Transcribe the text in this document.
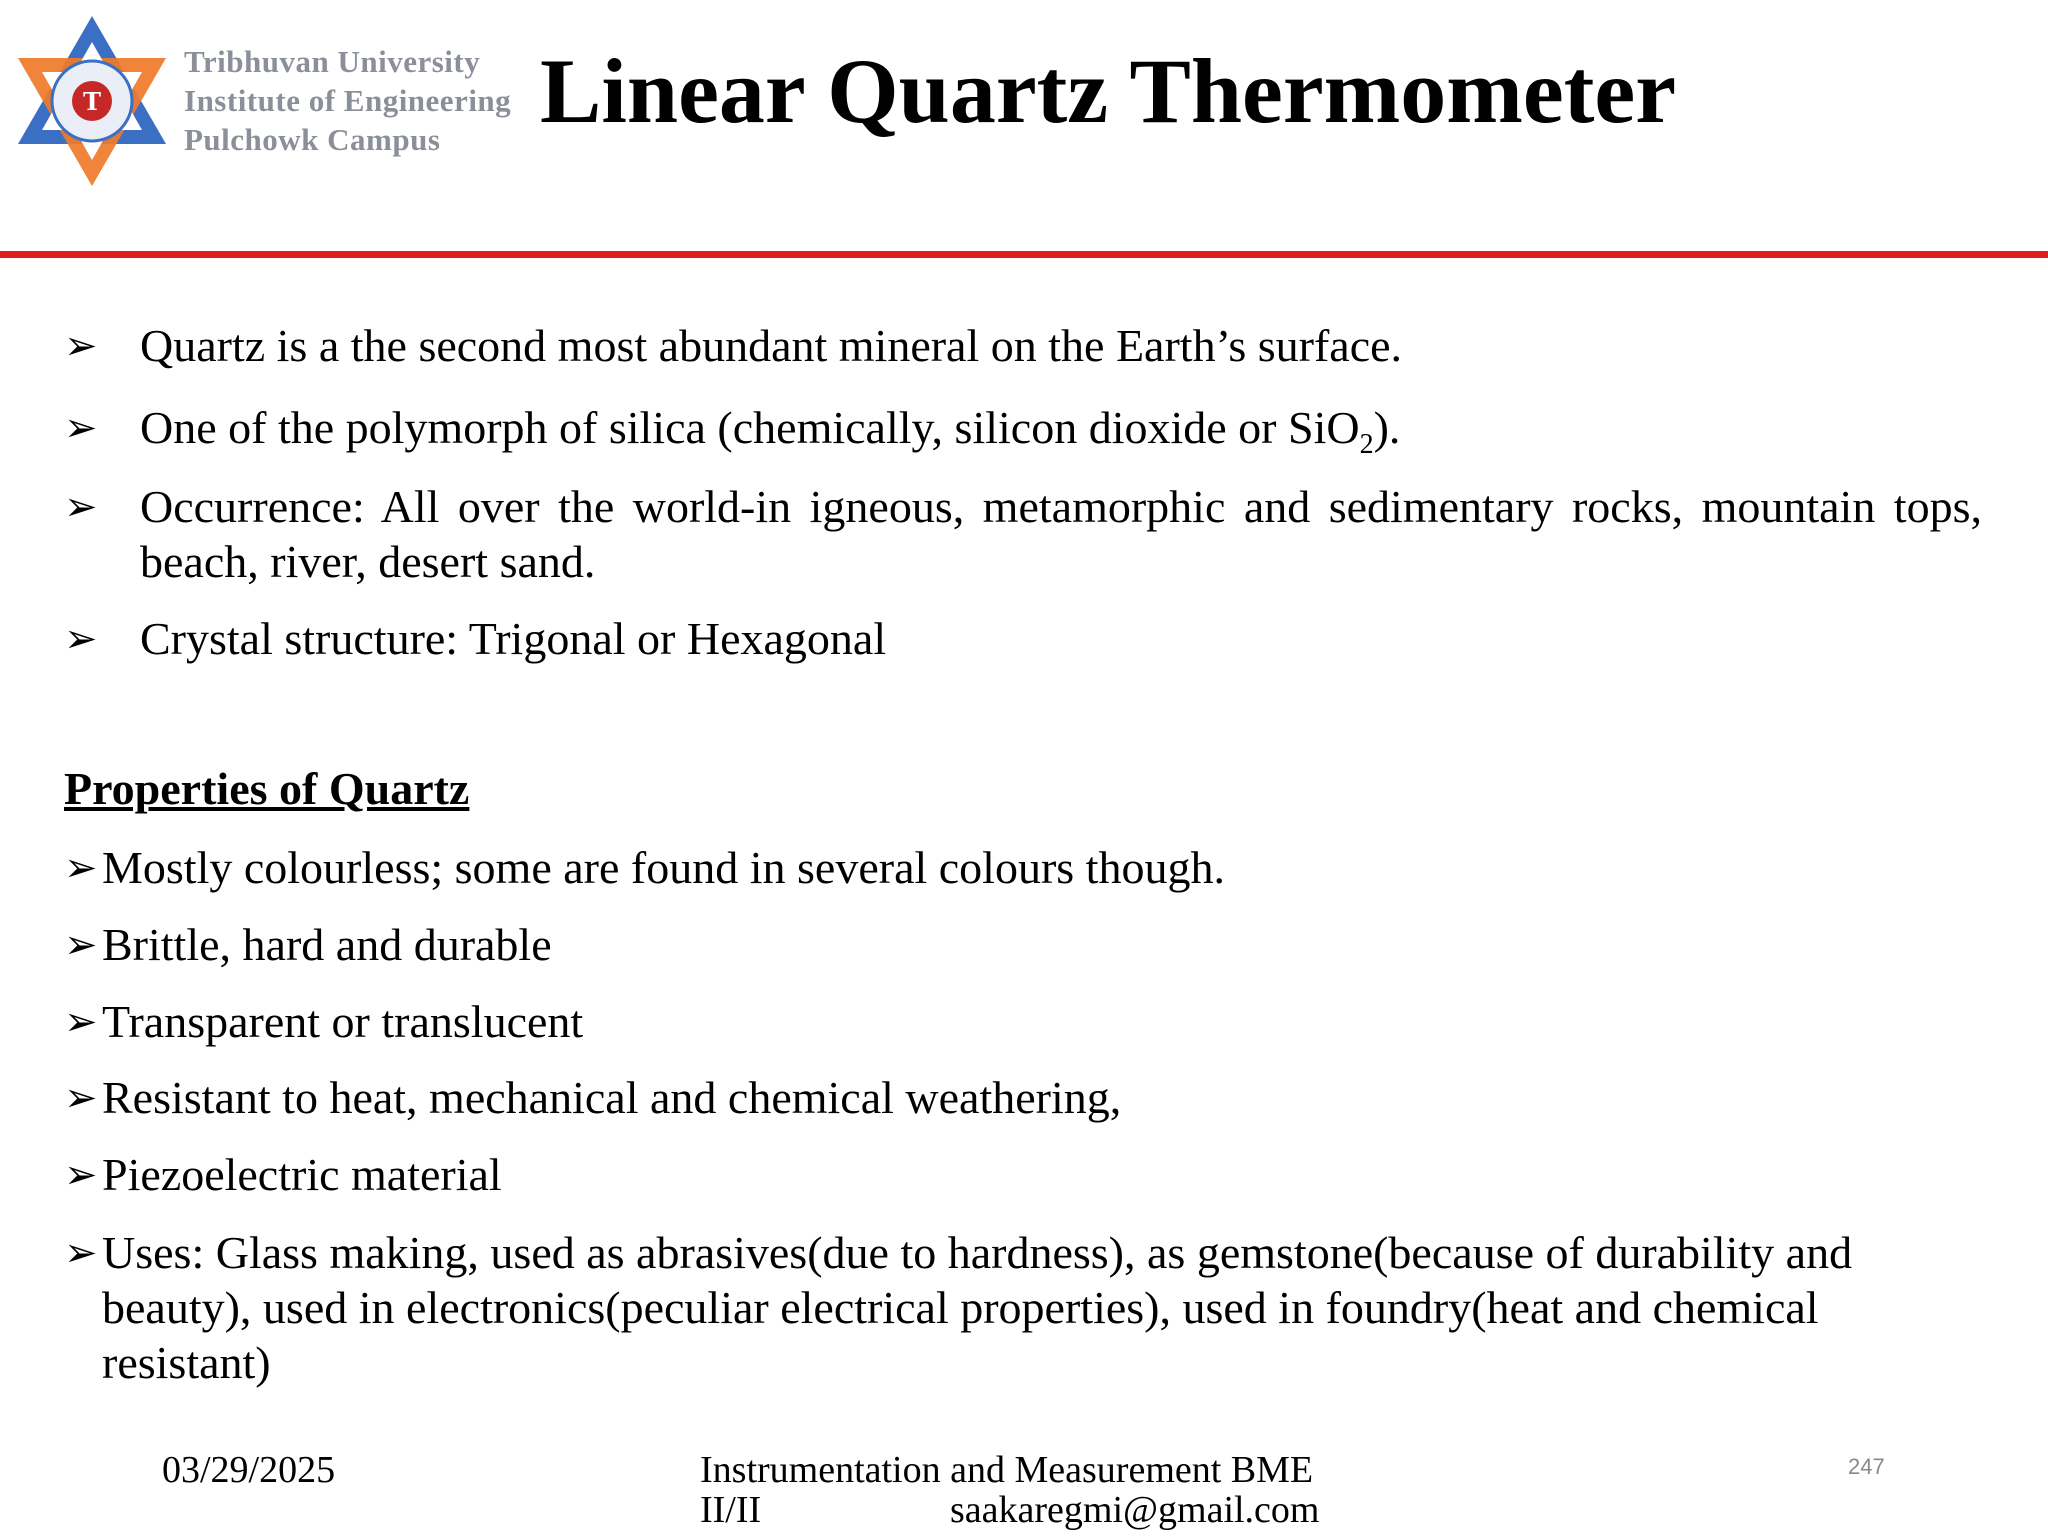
T
Tribhuvan University
Institute of Engineering
Pulchowk Campus Linear Quartz Thermometer
➢ Quartz is a the second most abundant mineral on the Earth’s surface.
➢ One of the polymorph of silica (chemically, silicon dioxide or SiO$_2$).
➢ Occurrence: All over the world-in igneous, metamorphic and sedimentary rocks, mountain tops, beach, river, desert sand.
➢ Crystal structure: Trigonal or Hexagonal
Properties of Quartz
➢ Mostly colourless; some are found in several colours though.
➢ Brittle, hard and durable
➢ Transparent or translucent
➢ Resistant to heat, mechanical and chemical weathering,
➢ Piezoelectric material
➢ Uses: Glass making, used as abrasives(due to hardness), as gemstone(because of durability and beauty), used in electronics(peculiar electrical properties), used in foundry(heat and chemical resistant)
03/29/2025	Instrumentation and Measurement BME
II/II	saakaregmi@gmail.com
247
